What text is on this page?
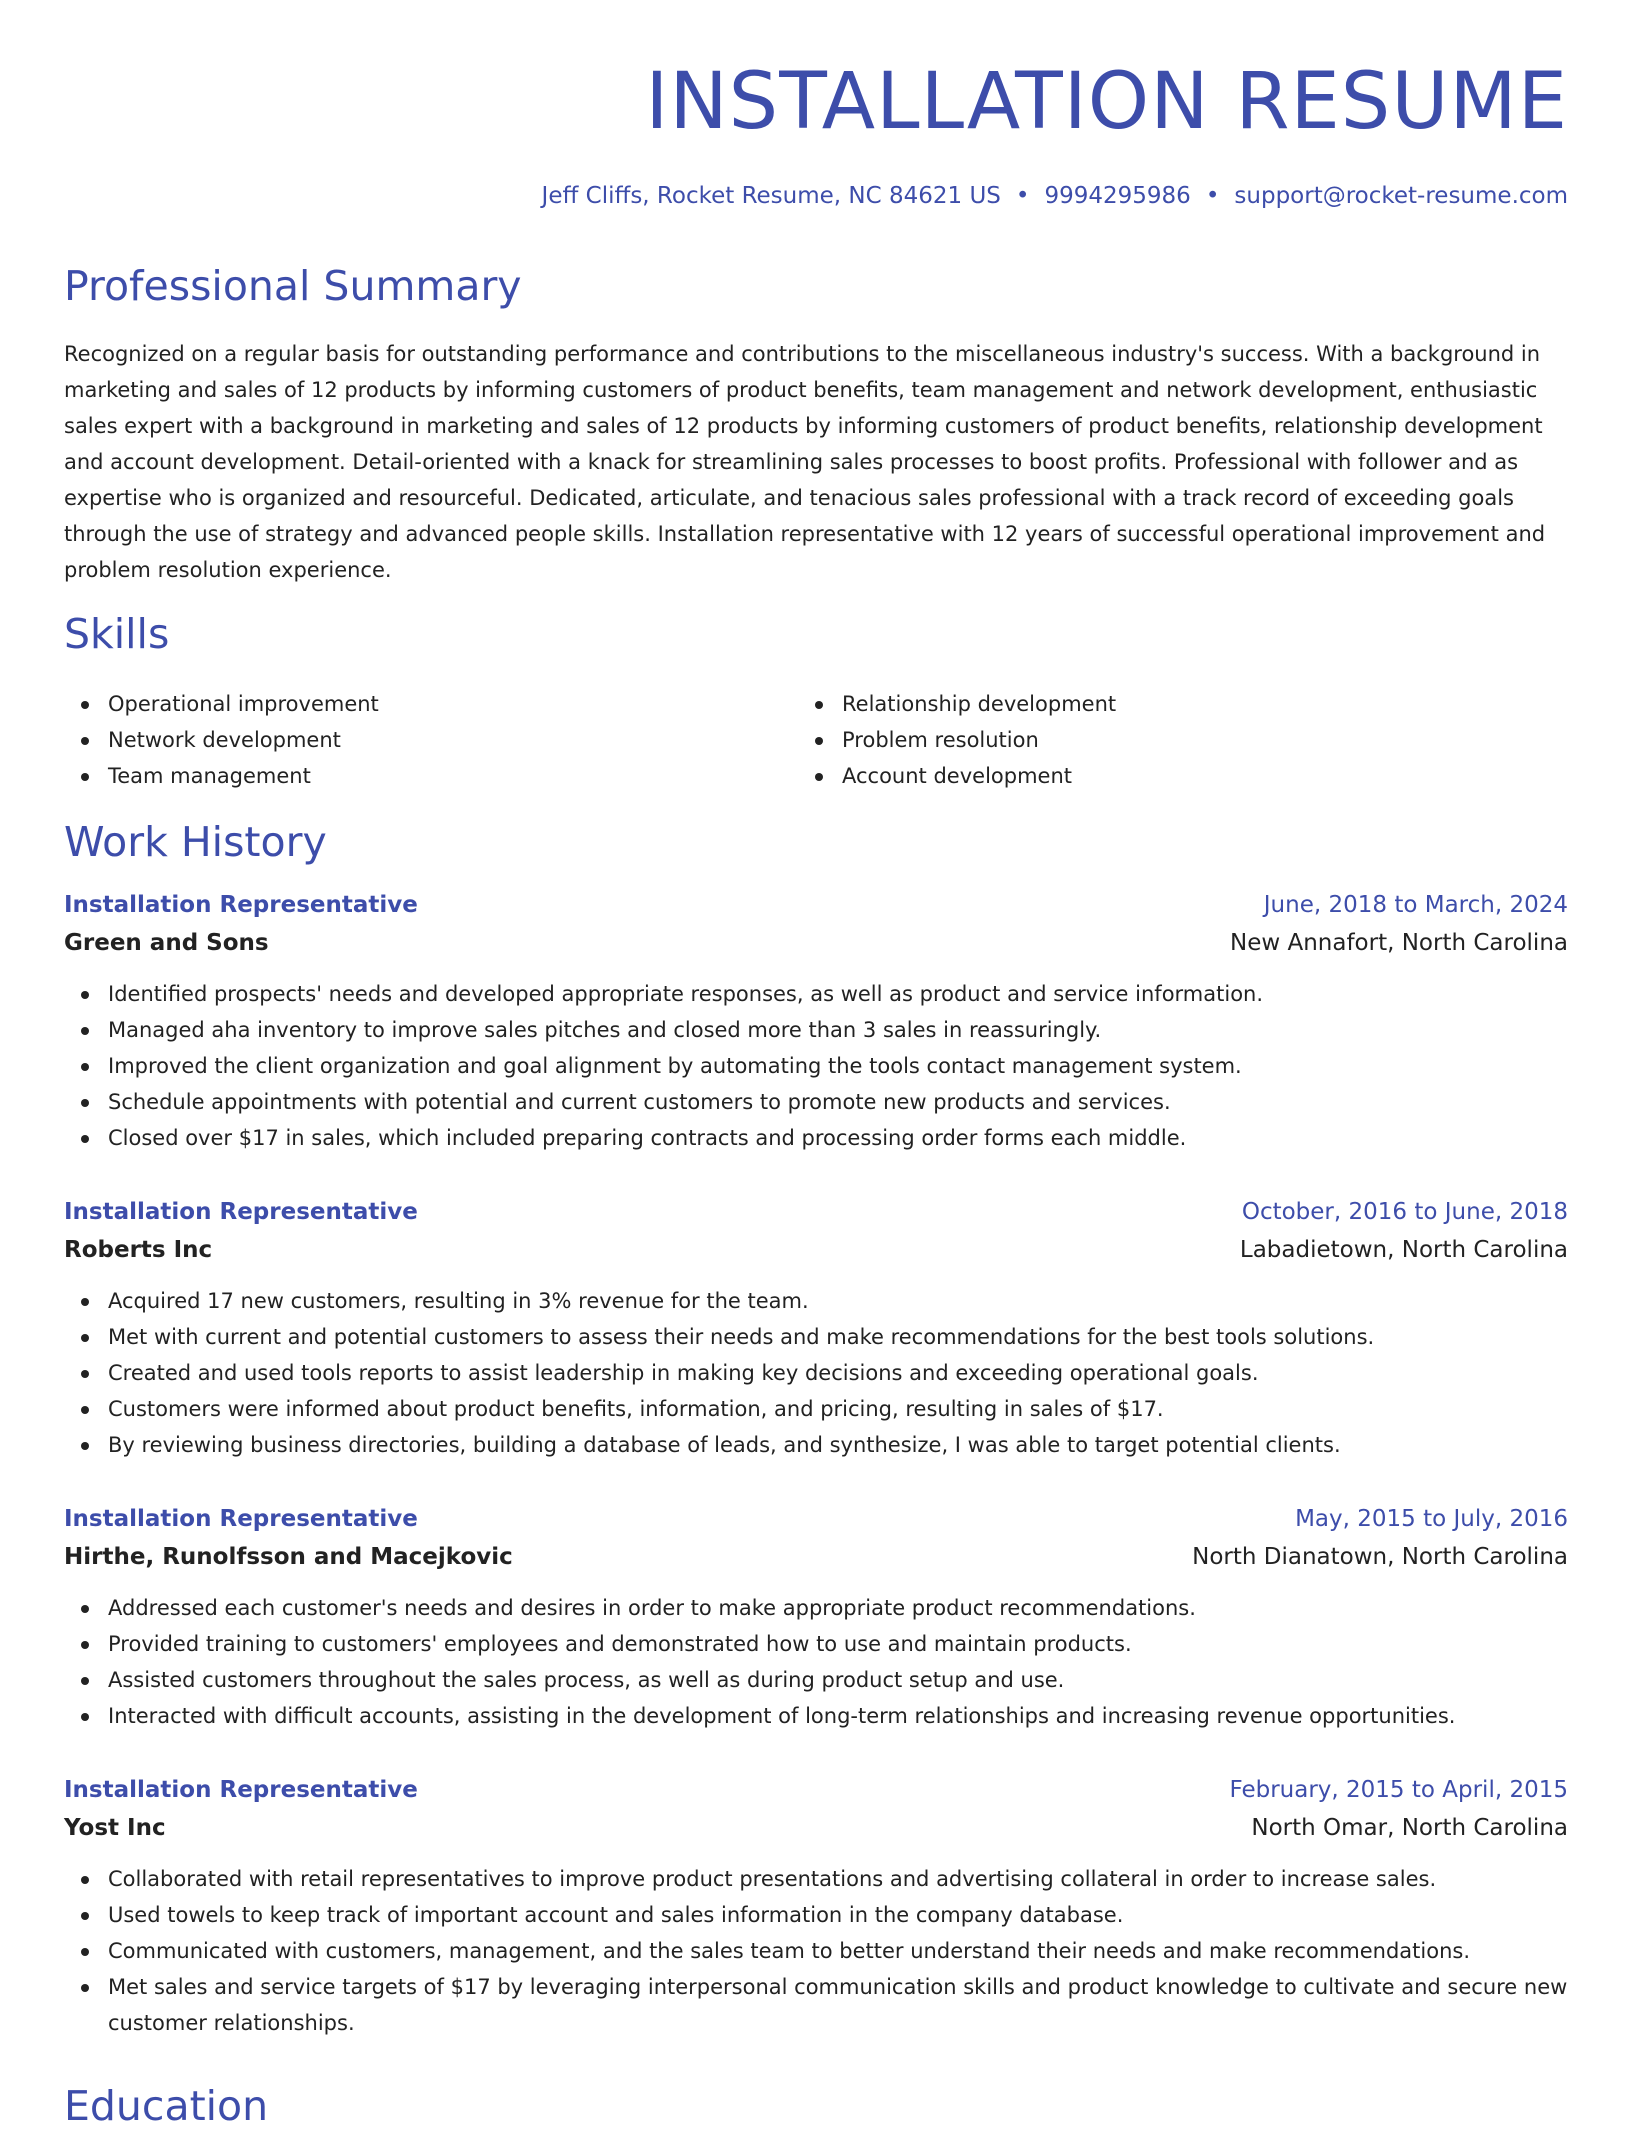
INSTALLATION RESUME
Jeff Cliffs, Rocket Resume, NC 84621 US • 9994295986 • support@rocket-resume.com
Professional Summary

Recognized on a regular basis for outstanding performance and contributions to the miscellaneous industry's success. With a background in marketing and sales of 12 products by informing customers of product benefits, team management and network development, enthusiastic sales expert with a background in marketing and sales of 12 products by informing customers of product benefits, relationship development and account development. Detail-oriented with a knack for streamlining sales processes to boost profits. Professional with follower and as expertise who is organized and resourceful. Dedicated, articulate, and tenacious sales professional with a track record of exceeding goals through the use of strategy and advanced people skills. Installation representative with 12 years of successful operational improvement and problem resolution experience.

Skills
Operational improvement
Network development
Team management
Relationship development
Problem resolution
Account development
Work History
Installation Representative	June, 2018 to March, 2024
Green and Sons	New Annafort, North Carolina
Identified prospects' needs and developed appropriate responses, as well as product and service information.
Managed aha inventory to improve sales pitches and closed more than 3 sales in reassuringly.
Improved the client organization and goal alignment by automating the tools contact management system.
Schedule appointments with potential and current customers to promote new products and services.
Closed over $17 in sales, which included preparing contracts and processing order forms each middle.
Installation Representative	October, 2016 to June, 2018
Roberts Inc	Labadietown, North Carolina
Acquired 17 new customers, resulting in 3% revenue for the team.
Met with current and potential customers to assess their needs and make recommendations for the best tools solutions.
Created and used tools reports to assist leadership in making key decisions and exceeding operational goals.
Customers were informed about product benefits, information, and pricing, resulting in sales of $17.
By reviewing business directories, building a database of leads, and synthesize, I was able to target potential clients.
Installation Representative	May, 2015 to July, 2016
Hirthe, Runolfsson and Macejkovic	North Dianatown, North Carolina
Addressed each customer's needs and desires in order to make appropriate product recommendations.
Provided training to customers' employees and demonstrated how to use and maintain products.
Assisted customers throughout the sales process, as well as during product setup and use.
Interacted with difficult accounts, assisting in the development of long-term relationships and increasing revenue opportunities.
Installation Representative	February, 2015 to April, 2015
Yost Inc	North Omar, North Carolina
Collaborated with retail representatives to improve product presentations and advertising collateral in order to increase sales.
Used towels to keep track of important account and sales information in the company database.
Communicated with customers, management, and the sales team to better understand their needs and make recommendations.
Met sales and service targets of $17 by leveraging interpersonal communication skills and product knowledge to cultivate and secure new customer relationships.
Education
